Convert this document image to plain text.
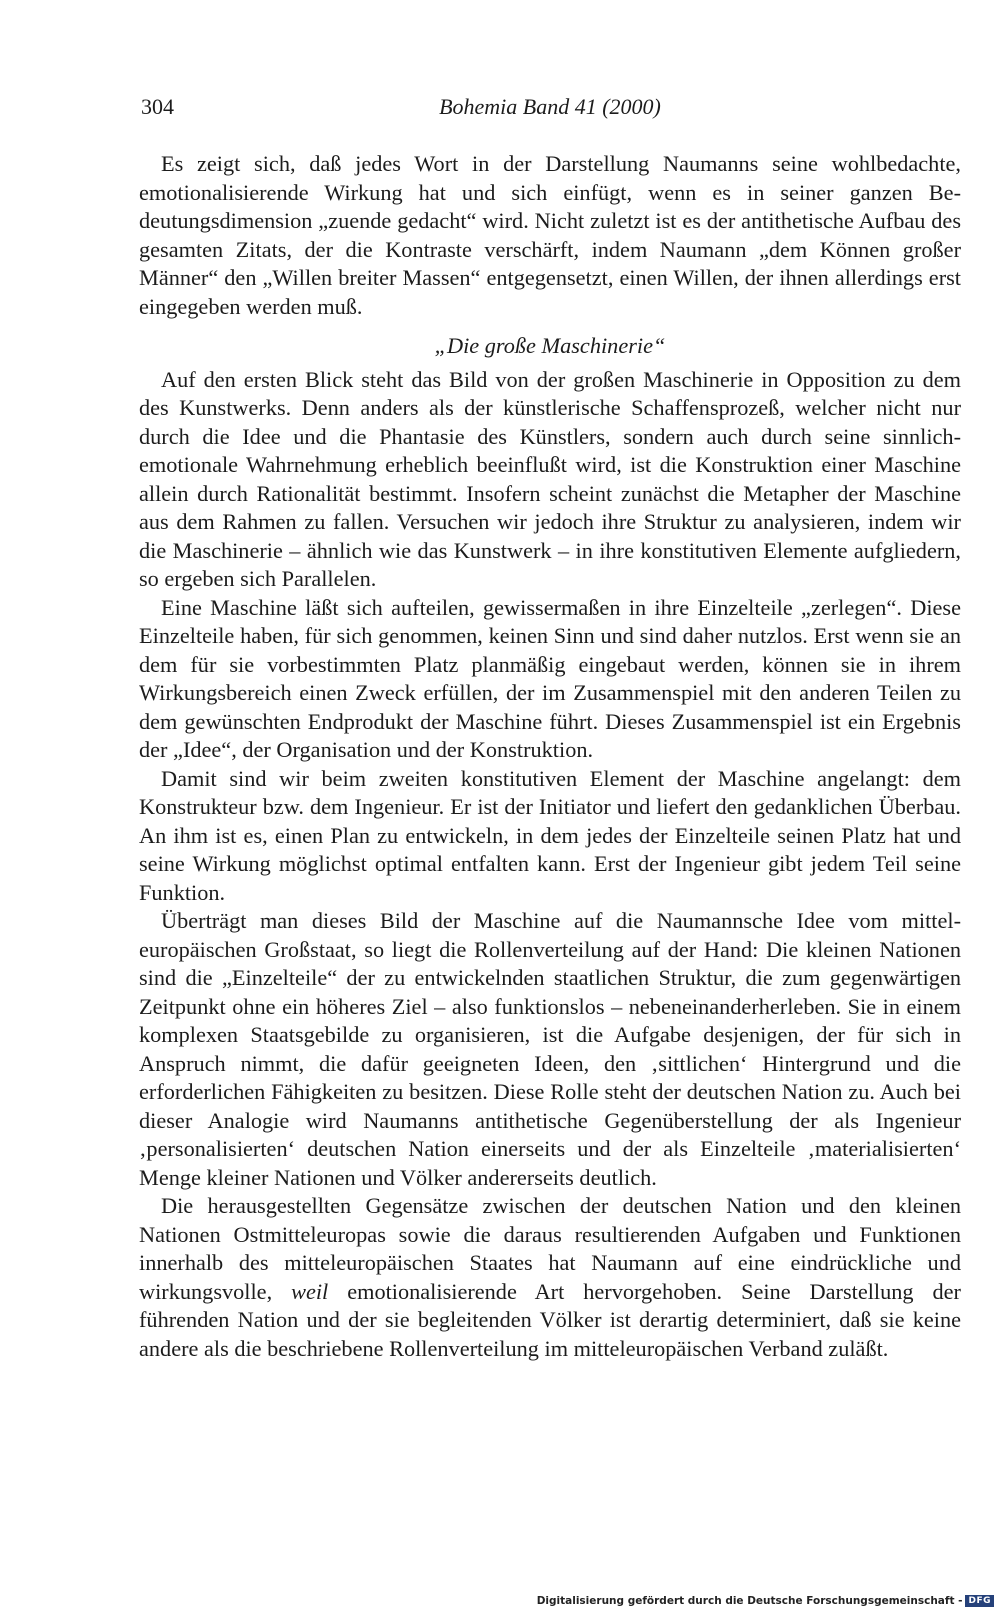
304	Bohemia Band 41 (2000)

Es zeigt sich, daß jedes Wort in der Darstellung Naumanns seine wohlbedachte, emotionalisierende Wirkung hat und sich einfügt, wenn es in seiner ganzen Bedeutungsdimension „zuende gedacht“ wird. Nicht zuletzt ist es der antithetische Aufbau des gesamten Zitats, der die Kontraste verschärft, indem Naumann „dem Können großer Männer“ den „Willen breiter Massen“ entgegensetzt, einen Willen, der ihnen allerdings erst eingegeben werden muß.

„Die große Maschinerie“

Auf den ersten Blick steht das Bild von der großen Maschinerie in Opposition zu dem des Kunstwerks. Denn anders als der künstlerische Schaffensprozeß, welcher nicht nur durch die Idee und die Phantasie des Künstlers, sondern auch durch seine sinnlich-emotionale Wahrnehmung erheblich beeinflußt wird, ist die Konstruktion einer Maschine allein durch Rationalität bestimmt. Insofern scheint zunächst die Metapher der Maschine aus dem Rahmen zu fallen. Versuchen wir jedoch ihre Struktur zu analysieren, indem wir die Maschinerie – ähnlich wie das Kunstwerk – in ihre konstitutiven Elemente aufgliedern, so ergeben sich Parallelen.

Eine Maschine läßt sich aufteilen, gewissermaßen in ihre Einzelteile „zerlegen“. Diese Einzelteile haben, für sich genommen, keinen Sinn und sind daher nutzlos. Erst wenn sie an dem für sie vorbestimmten Platz planmäßig eingebaut werden, können sie in ihrem Wirkungsbereich einen Zweck erfüllen, der im Zusammenspiel mit den anderen Teilen zu dem gewünschten Endprodukt der Maschine führt. Dieses Zusammenspiel ist ein Ergebnis der „Idee“, der Organisation und der Konstruktion.

Damit sind wir beim zweiten konstitutiven Element der Maschine angelangt: dem Konstrukteur bzw. dem Ingenieur. Er ist der Initiator und liefert den gedanklichen Überbau. An ihm ist es, einen Plan zu entwickeln, in dem jedes der Einzelteile seinen Platz hat und seine Wirkung möglichst optimal entfalten kann. Erst der Ingenieur gibt jedem Teil seine Funktion.

Überträgt man dieses Bild der Maschine auf die Naumannsche Idee vom mitteleuropäischen Großstaat, so liegt die Rollenverteilung auf der Hand: Die kleinen Nationen sind die „Einzelteile“ der zu entwickelnden staatlichen Struktur, die zum gegenwärtigen Zeitpunkt ohne ein höheres Ziel – also funktionslos – nebeneinanderherleben. Sie in einem komplexen Staatsgebilde zu organisieren, ist die Aufgabe desjenigen, der für sich in Anspruch nimmt, die dafür geeigneten Ideen, den ‚sittlichen‘ Hintergrund und die erforderlichen Fähigkeiten zu besitzen. Diese Rolle steht der deutschen Nation zu. Auch bei dieser Analogie wird Naumanns antithetische Gegenüberstellung der als Ingenieur ‚personalisierten‘ deutschen Nation einerseits und der als Einzelteile ‚materialisierten‘ Menge kleiner Nationen und Völker andererseits deutlich.

Die herausgestellten Gegensätze zwischen der deutschen Nation und den kleinen Nationen Ostmitteleuropas sowie die daraus resultierenden Aufgaben und Funktionen innerhalb des mitteleuropäischen Staates hat Naumann auf eine eindrückliche und wirkungsvolle, weil emotionalisierende Art hervorgehoben. Seine Darstellung der führenden Nation und der sie begleitenden Völker ist derartig determiniert, daß sie keine andere als die beschriebene Rollenverteilung im mitteleuropäischen Verband zuläßt.

Digitalisierung gefördert durch die Deutsche Forschungsgemeinschaft - DFG
